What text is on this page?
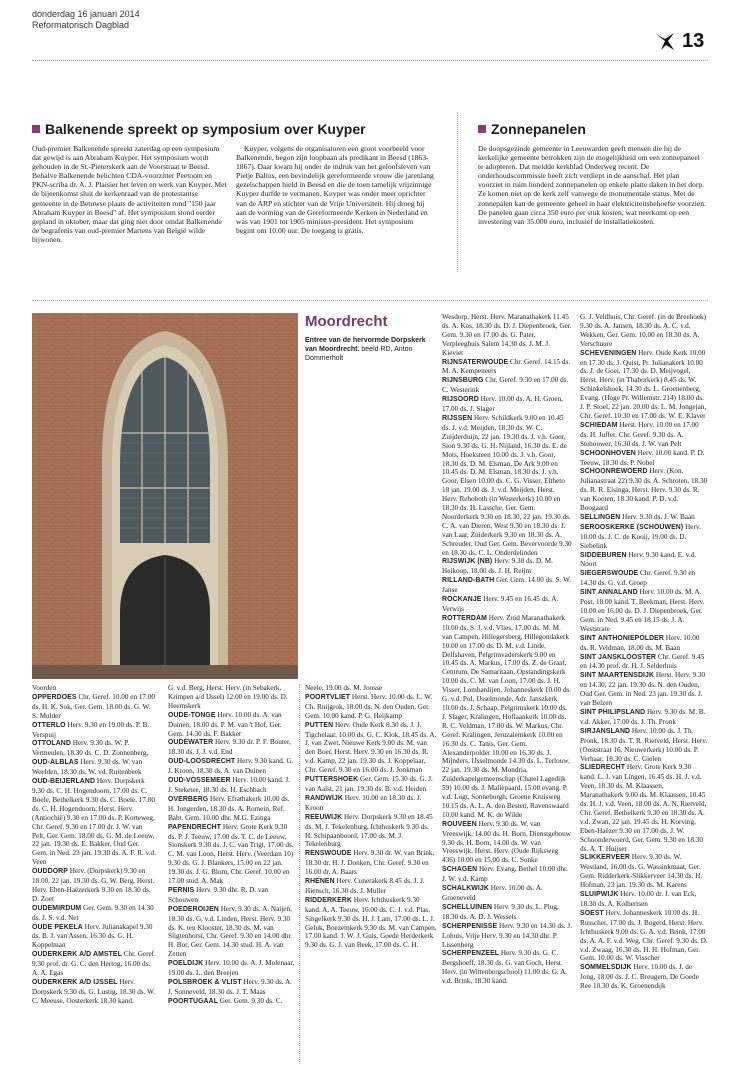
donderdag 16 januari 2014
Reformatorisch Dagblad
13
Balkenende spreekt op symposium over Kuyper

Oud-premier Balkenende spreekt zaterdag op een symposium dat gewijd is aan Abraham Kuyper. Het symposium wordt gehouden in de St.-Pieterskerk aan de Voorstraat te Beesd. Behalve Balkenende belichten CDA-voorzitter Peetoom en PKN-scriba dr. A. J. Plaisier het leven en werk van Kuyper. Met de bijeenkomst sluit de kerkenraad van de protestantse gemeente in de Betuwse plaats de activiteiten rond "150 jaar Abraham Kuyper in Beesd" af. Het symposium stond eerder gepland in oktober, maar dat ging niet door omdat Balkenende de begrafenis van oud-premier Martens van België wilde bijwonen.

Kuyper, volgens de organisatoren een groot voorbeeld voor Balkenende, begon zijn loopbaan als predikant in Beesd (1863-1867). Daar kwam hij onder de indruk van het geloofsleven van Pietje Baltus, een bevindelijk gereformeerde vrouw die jarenlang gezelschappen hield in Beesd en die de toen tamelijk vrijzinnige Kuyper durfde te vermanen. Kuyper was onder meer oprichter van de ARP en stichter van de Vrije Universiteit. Hij droeg bij aan de vorming van de Gereformeerde Kerken in Nederland en was van 1901 tot 1905 minister-president. Het symposium begint om 10.00 uur. De toegang is gratis.

Zonnepanelen

De doopsgezinde gemeente in Leeuwarden geeft mensen die bij de kerkelijke gemeente betrokken zijn de mogelijkheid om een zonnepaneel te adopteren. Dat meldde kerkblad Onderweg recent. De onderhoudscommissie heeft zich verdiept in de aanschaf. Het plan voorziet in ruim honderd zonnepanelen op enkele platte daken in het dorp. Ze komen niet op de kerk zelf vanwege de monumentale status. Met de zonnepalen kan de gemeente geheel in haar elektriciteitsbehoefte voorzien. De panelen gaan circa 350 euro per stuk kosten, wat neerkomt op een investering van 35.000 euro, inclusief de installatiekosten.

Moordrecht
Entree van de hervormde Dorpskerk van Moordrecht. beeld RD, Anton Dommerholt

Voorden

OPPERDOES Chr. Geref. 10.00 en 17.00 ds. H. K. Sok, Ger. Gem. 18.00 ds. G. W. S. Mulder

OTTERLO Herv. 9.30 en 19.00 ds. P. B. Verspuij

OTTOLAND Herv. 9.30 ds. W. P. Vermeulen, 18.30 ds. C. D. Zonnenberg,

OUD-ALBLAS Herv. 9.30 ds. W. van Weelden, 18.30 ds. W. vd. Ruitenbeek

OUD-BEIJERLAND Herv. Dorpskerk 9.30 ds. C. H. Hogendoorn, 17.00 ds. C. Boele, Bethelkerk 9.30 ds. C. Boele, 17.00 ds. C. H. Hogendoorn, Herst. Herv. (Antiochië) 9.30 en 17.00 ds. P. Korteweg, Chr. Geref. 9.30 en 17.00 dr. J. W. van Pelt, Ger. Gem. 18.00 ds. G. M. de Leeuw, 22 jan. 19.30 ds. E. Bakker, Oud Ger. Gem. in Ned. 23 jan. 19.30 ds. A. F. R. v.d. Veen

OUDDORP Herv. (Dorpskerk) 9.30 en 18.00, 22 jan. 19.30 ds. G. W. Berg, Herst. Herv. Eben-Haëzerkerk 9.30 en 18.30 ds. D. Zoet

OUDEMIRDUM Ger. Gem. 9.30 en 14.30 ds. J. S. v.d. Net

OUDE PEKELA Herv. Julianakapel 9.30 ds. B. J. van Assen, 16.30 ds. G. H. Koppelman

OUDERKERK A/D AMSTEL Chr. Geref. 9.30 prof. dr. G. C. den Hertog, 16.00 ds. A. A. Egas

OUDERKERK A/D IJSSEL Herv. Dorpskerk 9.30 ds. G. Lustig, 18.30 ds. W. C. Meeuse, Oosterkerk 18.30 kand.

G. v.d. Berg, Herst. Herv. (in Sebakerk, Krimpen a/d IJssel) 12.00 en 19.00 ds. D. Heemskerk

OUDE-TONGE Herv. 10.00 ds. A. van Duinen, 18.00 ds. P. M. van 't Hof, Ger. Gem. 14.30 ds. F. Bakker

OUDEWATER Herv. 9.30 dr. P. F. Bouter, 18.30 ds. J. J. v.d. End

OUD-LOOSDRECHT Herv. 9.30 kand. G. J. Kroon, 18.30 ds. A. van Duinen

OUD-VOSSEMEER Herv. 10.00 kand. J. J. Steketee, 18.30 ds. H. Eschbach

OVERBERG Herv. Efrathakerk 10.00 ds. H. Jongerden, 18.30 ds. A. Romein, Ref. Babt. Gem. 10.00 dhr. M.G. Ezinga

PAPENDRECHT Herv. Grote Kerk 9.30 ds. P. J. Teeuw, 17.00 ds. T. C. de Leeuw, Sionskerk 9.30 ds. J. C. van Trigt, 17.00 ds. C. M. van Loon, Herst. Herv. (Veerdam 10) 9.30 ds. G. J. Blankers, 15.00 en 22 jan. 19.30 ds. J. G. Blom, Chr. Geref. 10.00 en 17.00 stud. A. Mak

PERNIS Herv. 9.30 dhr. R. D. van Schouwen

POEDEROIJEN Herv. 9.30 ds. A. Naijen, 18.30 ds. G. v.d. Linden, Herst. Herv. 9.30 ds. K. ten Klooster, 18.30 ds. M. van Sligtenhorst, Chr. Geref. 9.30 en 14.00 dhr. H. Bor, Ger. Gem. 14.30 stud. H. A. van Zetten

POELDIJK Herv. 10.00 ds. A. J. Molenaar, 19.00 ds. L. den Breejen

POLSBROEK & VLIST Herv. 9.30 ds. A. J. Sonneveld, 18.30 ds. J. T. Maas

POORTUGAAL Ger. Gem. 9.30 ds. C.

Neele, 19.00 ds. M. Joosse

POORTVLIET Herst. Herv. 10.00 ds. L. W. Ch. Ruijgrok, 18.00 ds. N. den Ouden, Ger. Gem. 10.00 kand. P. G. Heijkamp

PUTTEN Herv. Oude Kerk 8.30 ds. J. J. Tigchelaar, 10.00 ds. G. C. Klok, 18.45 ds. A. J. van Zwet, Nieuwe Kerk 9.00 ds. M. van den Boer, Herst. Herv. 9.30 en 16.30 ds. R. v.d. Kamp, 22 jan. 19.30 ds. J. Koppelaar, Chr. Geref. 9.30 en 16.00 ds. J. Jonkman

PUTTERSHOEK Ger. Gem. 15.30 ds. G. J. van Aalst, 21 jan. 19.30 ds. B. v.d. Heiden

RANDWIJK Herv. 10.00 en 18.30 ds. J. Kroon

REEUWIJK Herv. Dorpskerk 9.30 en 18.45 ds. M. J. Tekelenburg, Ichthuskerk 9.30 ds. H. Schipaanboord, 17.00 ds. M. J. Tekelenburg

RENSWOUDE Herv. 9.30 dr. W. van Brink, 18.30 dr. H. J. Donken, Chr. Geref. 9.30 en 16.00 dr. A. Baars

RHENEN Herv. Cunerakerk 8.45 ds. J. J. Hiensch, 16.30 ds. J. Muller

RIDDERKERK Herv. Ichthuskerk 9.30 kand. A. A. Teeuw, 16.00 ds. C. J. v.d. Plas, Singelkerk 9.30 ds. H. J. Lam, 17.00 ds. L. J. Geluk, Boezemkerk 9.30 ds. M. van Campen, 17.00 kand. J. W. J. Guis, Goede Herderkerk 9.30 ds. G. J. van Beek, 17.00 ds. C. H.

Wesdorp, Herst. Herv. Maranathakerk 11.45 ds. A. Kos, 18.30 ds. D. J. Diepenbroek, Ger. Gem. 9.30 en 17.00 ds. G. Pater, Verpleeghuis Salem 14.30 ds. J. M. J. Kieviet

RIJNSATERWOUDE Chr. Geref. 14.15 ds. M. A. Kempeneers

RIJNSBURG Chr. Geref. 9.30 en 17.00 ds. C. Westerink

RIJSOORD Herv. 10.00 ds. A. H. Groen, 17.00 ds. J. Slager

RIJSSEN Herv. Schildkerk 9.00 en 10.45 ds. J. v.d. Meijden, 18.30 ds. W. C. Zuijderduijn, 22 jan. 19.30 ds. J. v.h. Goor, Sion 9.30 ds. G. H. Nijland, 16.30 ds. E. de Mots, Hoeksteen 10.00 ds. J. v.h. Goor, 18.30 ds. D. M. Elsman, De Ark 9.00 en 10.45 ds. D. M. Elsman, 18.30 ds. J. v.h. Goor, Elsen 10.00 ds. C. G. Visser, Eltheto 18 jan. 19.00 ds. J. v.d. Meijden, Herst. Herv. Rehoboth (in Westerkerk) 10.00 en 18.30 ds. H. Lassche, Ger. Gem. Noorderkerk 9.30 en 18.30, 22 jan. 19.30 ds. C. A. van Dieren, West 9.30 en 18.30 ds. J. van Laar, Zuiderkerk 9.30 en 18.30 ds. A. Schreuder, Oud Ger. Gem. Bevervoorde 9.30 en 18.30 ds. C. L. Onderdelinden

RIJSWIJK (NB) Herv. 9.30 ds. D. M. Heikoop, 18.00 ds. J. H. Reijm

RILLAND-BATH Ger. Gem. 14.00 ds. S. W. Janse

ROCKANJE Herv. 9.45 en 16.45 ds. A. Verwijs

ROTTERDAM Herv. Zuid Maranathakerk 10.00 ds. S. J. v.d. Vlies, 17.00 ds. M. M. van Campen, Hillegersberg, Hillegondakerk 10.00 en 17.00 ds. D. M. v.d. Linde, Delfshaven, Pelgrimvaderskerk 9.00 en 10.45 ds. A. Markus, 17.00 ds. Z. de Graaf, Centrum, De Samaritaan, Opstandingskerk 10.00 ds. C. M. van Loon, 17.00 ds. J. H. Visser, Lombardijen, Johanneskerk 10.00 ds. G. v.d. Pol, IJsselmonde, Adr. Janszkerk 10.00 ds. J. Schaap, Pelgrimskerk 10.00 ds. J. Slager, Kralingen, Hoflaankerk 10.00 ds. R. C. Veldman, 17.00 ds. W. Markus, Chr. Geref. Kralingen, Jeruzalemkerk 10.00 en 16.30 ds. C. Tanis, Ger. Gem. Alexanderpolder 10.00 en 16.30 ds. J. Mijnders, IJsselmonde 14.30 ds. L. Terlouw, 22 jan. 19.30 ds. M. Mondria, Zuiderkapelgemeenschap (Chatel Lagedijk 59) 10.00 ds. J. Maliepaard, 15.00 evang. P. v.d. Lugt, Sonneburgh, Groene Kruisweg 10.15 ds. A. L. A. den Besten, Ravenswaard 10.00 kand. M. K. de Wilde

ROUVEEN Herv. 9.30 ds. W. van Vreeswijk, 14.00 ds. H. Born, Dienstgebouw 9.30 ds. H. Born, 14.00 ds. W. van Vreeswijk, Herst. Herv. (Oude Rijksweg 436) 10.00 en 15.00 ds. C. Sonke

SCHAGEN Herv. Evang. Bethel 10.00 dhr. J. W. v.d. Kamp

SCHALKWIJK Herv. 10.00 ds. A. Groeneveld

SCHELLUINEN Herv. 9.30 ds. L. Plug, 18.30 ds. A. D. J. Wessels

SCHERPENISSE Herv. 9.30 en 14.30 ds. J. Lohuis, Vrije Herv. 9.30 en 14.30 dhr. P. Lissenberg

SCHERPENZEEL Herv. 9.30 ds. G. C. Bergshoeff, 18.30 ds. G. van Goch, Herst. Herv. (in Wittenbergschool) 11.00 ds. G. A. v.d. Brink, 18.30 kand.

G. J. Veldhuis, Chr. Geref. (in de Breehoek) 9.30 ds. A. Jansen, 18.30 ds. A. C. v.d. Wekken, Ger. Gem. 10.00 en 18.30 ds. A. Verschuure

SCHEVENINGEN Herv. Oude Kerk 10.00 en 17.30 ds. J. Quist, Pr. Julianakerk 10.00 ds. J. de Goei, 17.30 ds. D. Meijvogel, Herst. Herv. (in Thaborkerk) 8.45 ds. W. Schinkelshoek, 14.30 ds. L. Groenenberg, Evang. (Hoge Pr. Willemstr. 214) 18.00 ds. J. P. Stoel, 22 jan. 20.00 ds. L. M. Jongejan, Chr. Geref. 10.30 en 17.00 ds. W. E. Klaver

SCHIEDAM Herst. Herv. 10.00 en 17.00 ds. H. Juffer, Chr. Geref. 9.30 ds. A. Stehouwer, 16.30 ds. J. W. van Pelt

SCHOONHOVEN Herv. 10.00 kand. P. D. Teeuw, 18.30 ds. P. Nobel

SCHOONREWOERD Herv. (Kon. Julianastraat 22) 9.30 ds. A. Schroten, 18.30 ds. R. R. Eisinga, Herst. Herv. 9.30 ds. R. van Kooten, 18.30 kand. P. D. v.d. Boogaard

SELLINGEN Herv. 9.30 ds. J. W. Baan

SEROOSKERKE (SCHOUWEN) Herv. 10.00 ds. J. C. de Kooij, 19.00 ds. D. Siebelink

SIDDEBUREN Herv. 9.30 kand. E. v.d. Noort

SIEGERSWOUDE Chr. Geref. 9.30 en 14.30 ds. G. v.d. Groep

SINT ANNALAND Herv. 10.00 ds. M. A. Post, 18.00 kand. T. Beekman, Herst. Herv. 10.00 en 16.00 ds. D. J. Diepenbroek, Ger. Gem. in Ned. 9.45 en 18.15 ds. J. A. Weststrate

SINT ANTHONIEPOLDER Herv. 10.00 ds. R. Veldman, 18.00 ds. M. Baan

SINT JANSKLOOSTER Chr. Geref. 9.45 en 14.30 prof. dr. H. J. Selderhuis

SINT MAARTENSDIJK Herst. Herv. 9.30 en 14.30, 22 jan. 19.30 ds. N. den Ouden, Oud Ger. Gem. in Ned. 23 jan. 19.30 ds. J. van Belzen

SINT PHILIPSLAND Herv. 9.30 ds. M. B. v.d. Akker, 17.00 ds. J. Th. Pronk

SIRJANSLAND Herv. 10.00 ds. J. Th. Pronk, 18.30 ds. T. R. Rietveld, Herst. Herv. (Ooststraat 16, Nieuwerkerk) 10.00 ds. P. Verhaar, 18.30 ds. C. Gielen

SLIEDRECHT Herv. Grote Kerk 9.30 kand. L. J. van Lingen, 16.45 ds. H. J. v.d. Veen, 18.30 ds. M. Klaassen, Maranathakerk 9.00 ds. M. Klaassen, 10.45 ds. H. J. v.d. Veen, 18.00 ds. A. N. Rietveld, Chr. Geref. Bethelkerk 9.30 en 18.30 ds. A. v.d. Zwan, 22 jan. 19.45 ds. H. Korving, Eben-Haëzer 9.30 en 17.00 ds. J. W. Schoonderwoerd, Ger. Gem. 9.30 en 18.30 ds. A. T. Huijser

SLIKKERVEER Herv. 9.30 ds. W. Westland, 16.00 ds. G. Wassinkmaat, Ger. Gem. Ridderkerk-Slikkerveer 14.30 ds. H. Hofman, 23 jan. 19.30 ds. M. Karens

SLUIPWIJK Herv. 10.00 dr. J. van Eck, 18.30 ds. A. Kolbertsen

SOEST Herv. Johanneskerk 10.00 ds. H. Russcher, 17.00 ds. J. Bogerd, Herst. Herv. Ichthuskerk 9.00 ds. G. A. v.d. Brink, 17.00 ds. A. A. F. v.d. Weg, Chr. Geref. 9.30 ds. D. v.d. Zwaag, 16.30 ds. H. H. Hofman, Ger. Gem. 10.00 ds. W. Visscher

SOMMELSDIJK Herv. 10.00 ds. J. de Jong, 18.00 ds. J. C. Breugem, De Goede Ree 10.30 ds. K. Groenendijk
